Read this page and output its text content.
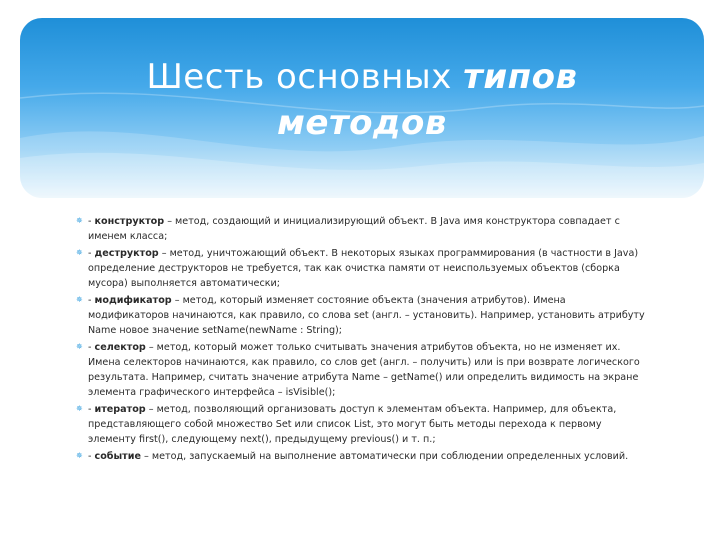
Шесть основных типов
методов
✵ - конструктор – метод, создающий и инициализирующий объект. В Java имя конструктора совпадает с именем класса;
✵ - деструктор – метод, уничтожающий объект. В некоторых языках программирования (в частности в Java) определение деструкторов не требуется, так как очистка памяти от неиспользуемых объектов (сборка мусора) выполняется автоматически;
✵ - модификатор – метод, который изменяет состояние объекта (значения атрибутов). Имена модификаторов начинаются, как правило, со слова set (англ. – установить). Например, установить атрибуту Name новое значение setName(newName : String);
✵ - селектор – метод, который может только считывать значения атрибутов объекта, но не изменяет их. Имена селекторов начинаются, как правило, со слов get (англ. – получить) или is при возврате логического результата. Например, считать значение атрибута Name – getName() или определить видимость на экране элемента графического интерфейса – isVisible();
✵ - итератор – метод, позволяющий организовать доступ к элементам объекта. Например, для объекта, представляющего собой множество Set или список List, это могут быть методы перехода к первому элементу first(), следующему next(), предыдущему previous() и т. п.;
✵ - событие – метод, запускаемый на выполнение автоматически при соблюдении определенных условий.
